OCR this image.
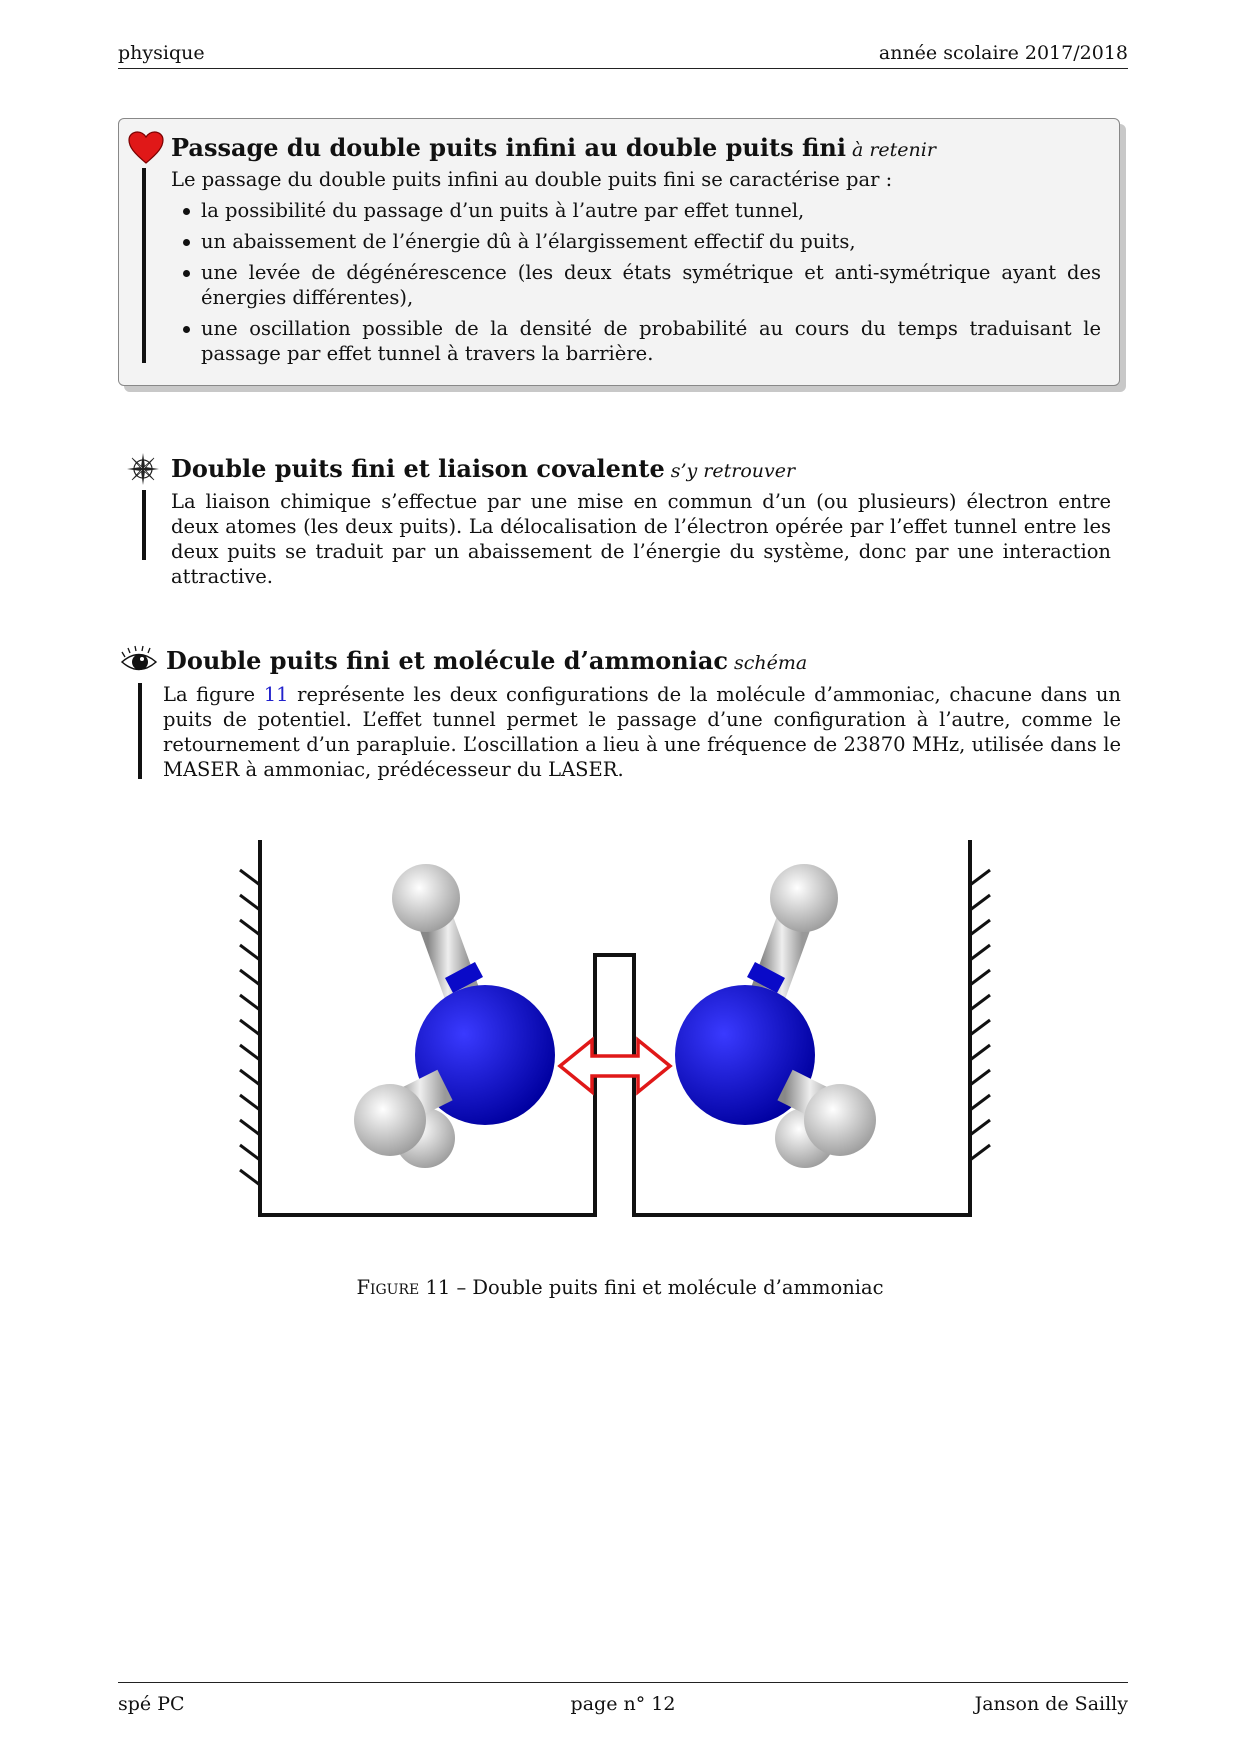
physique	année scolaire 2017/2018
Passage du double puits infini au double puits fini à retenir
Le passage du double puits infini au double puits fini se caractérise par :
la possibilité du passage d’un puits à l’autre par effet tunnel,
un abaissement de l’énergie dû à l’élargissement effectif du puits,
une levée de dégénérescence (les deux états symétrique et anti-symétrique ayant des énergies différentes),
une oscillation possible de la densité de probabilité au cours du temps traduisant le passage par effet tunnel à travers la barrière.
Double puits fini et liaison covalente s’y retrouver
La liaison chimique s’effectue par une mise en commun d’un (ou plusieurs) électron entre deux atomes (les deux puits). La délocalisation de l’électron opérée par l’effet tunnel entre les deux puits se traduit par un abaissement de l’énergie du système, donc par une interaction attractive.
Double puits fini et molécule d’ammoniac schéma
La figure 11 représente les deux configurations de la molécule d’ammoniac, chacune dans un puits de potentiel. L’effet tunnel permet le passage d’une configuration à l’autre, comme le retournement d’un parapluie. L’oscillation a lieu à une fréquence de 23870 MHz, utilisée dans le MASER à ammoniac, prédécesseur du LASER.
Figure 11 – Double puits fini et molécule d’ammoniac
spé PC	page n° 12	Janson de Sailly
